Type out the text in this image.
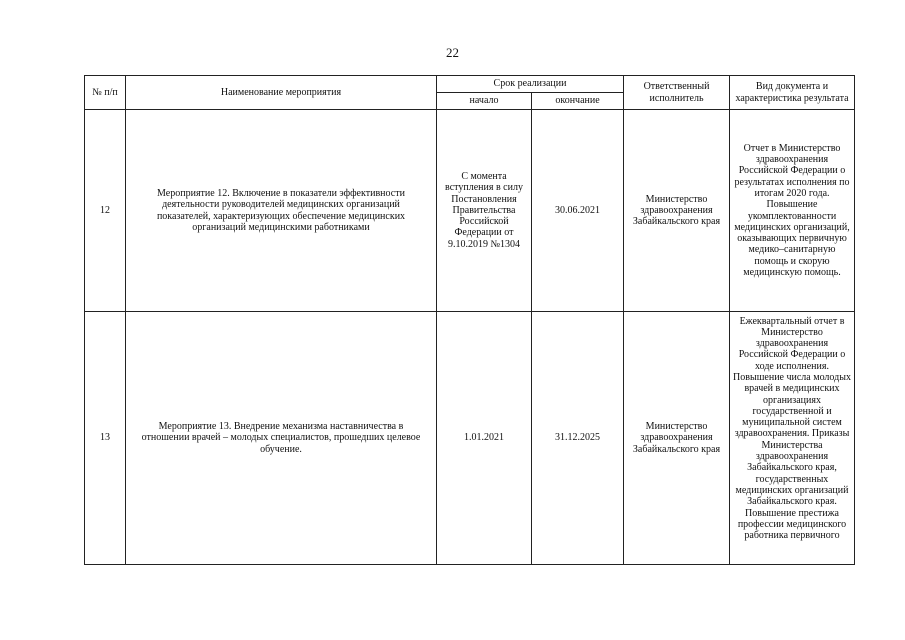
22
№ п/п	Наименование мероприятия	Срок реализации		Ответственный исполнитель	Вид документа и характеристика результата
		начало	окончание		
12	Мероприятие 12. Включение в показатели эффективности деятельности руководителей медицинских организаций показателей, характеризующих обеспечение медицинских организаций медицинскими работниками	С момента вступления в силу Постановления Правительства Российской Федерации от 9.10.2019 №1304	30.06.2021	Министерство здравоохранения Забайкальского края	Отчет в Министерство здравоохранения Российской Федерации о результатах исполнения по итогам 2020 года. Повышение укомплектованности медицинских организаций, оказывающих первичную медико–санитарную помощь и скорую медицинскую помощь.
13	Мероприятие 13. Внедрение механизма наставничества в отношении врачей – молодых специалистов, прошедших целевое обучение.	1.01.2021	31.12.2025	Министерство здравоохранения Забайкальского края	Ежеквартальный отчет в Министерство здравоохранения Российской Федерации о ходе исполнения. Повышение числа молодых врачей в медицинских организациях государственной и муниципальной систем здравоохранения. Приказы Министерства здравоохранения Забайкальского края, государственных медицинских организаций Забайкальского края. Повышение престижа профессии медицинского работника первичного
